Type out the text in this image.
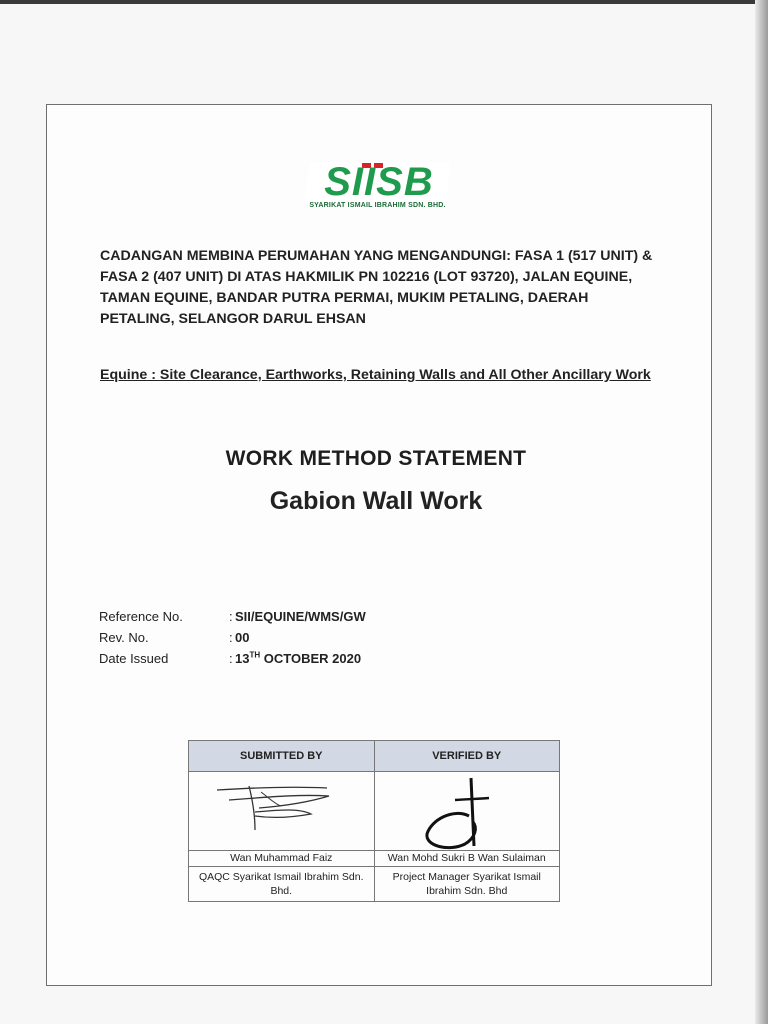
SIISB
SYARIKAT ISMAIL IBRAHIM SDN. BHD.
CADANGAN MEMBINA PERUMAHAN YANG MENGANDUNGI: FASA 1 (517 UNIT) & FASA 2 (407 UNIT) DI ATAS HAKMILIK PN 102216 (LOT 93720), JALAN EQUINE, TAMAN EQUINE, BANDAR PUTRA PERMAI, MUKIM PETALING, DAERAH PETALING, SELANGOR DARUL EHSAN
Equine : Site Clearance, Earthworks, Retaining Walls and All Other Ancillary Work
WORK METHOD STATEMENT
Gabion Wall Work
Reference No.	: SII/EQUINE/WMS/GW
Rev. No.	: 00
Date Issued	: 13TH OCTOBER 2020
SUBMITTED BY	VERIFIED BY

Wan Muhammad Faiz	Wan Mohd Sukri B Wan Sulaiman
QAQC Syarikat Ismail Ibrahim Sdn. Bhd.	Project Manager Syarikat Ismail Ibrahim Sdn. Bhd
